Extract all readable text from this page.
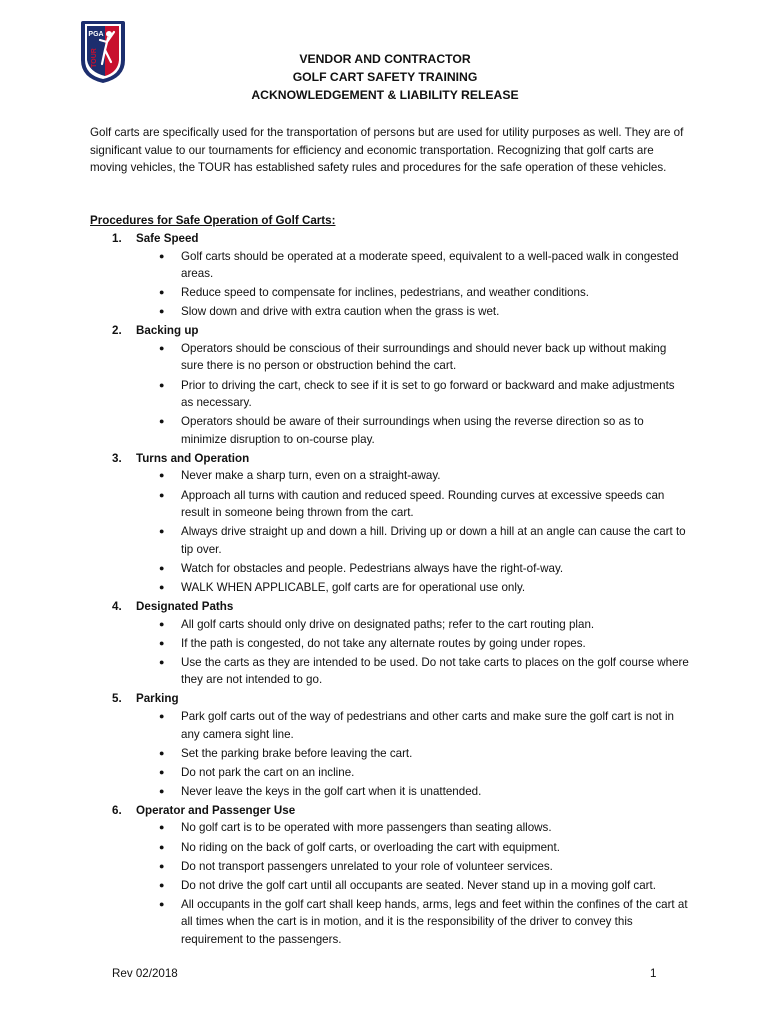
PGA
TOUR	VENDOR AND CONTRACTOR
GOLF CART SAFETY TRAINING
ACKNOWLEDGEMENT & LIABILITY RELEASE
Golf carts are specifically used for the transportation of persons but are used for utility purposes as well. They are of significant value to our tournaments for efficiency and economic transportation. Recognizing that golf carts are moving vehicles, the TOUR has established safety rules and procedures for the safe operation of these vehicles.
Procedures for Safe Operation of Golf Carts:
1. Safe Speed
● Golf carts should be operated at a moderate speed, equivalent to a well-paced walk in congested areas.
● Reduce speed to compensate for inclines, pedestrians, and weather conditions.
● Slow down and drive with extra caution when the grass is wet.
2. Backing up
● Operators should be conscious of their surroundings and should never back up without making sure there is no person or obstruction behind the cart.
● Prior to driving the cart, check to see if it is set to go forward or backward and make adjustments as necessary.
● Operators should be aware of their surroundings when using the reverse direction so as to minimize disruption to on-course play.
3. Turns and Operation
● Never make a sharp turn, even on a straight-away.
● Approach all turns with caution and reduced speed. Rounding curves at excessive speeds can result in someone being thrown from the cart.
● Always drive straight up and down a hill. Driving up or down a hill at an angle can cause the cart to tip over.
● Watch for obstacles and people. Pedestrians always have the right-of-way.
● WALK WHEN APPLICABLE, golf carts are for operational use only.
4. Designated Paths
● All golf carts should only drive on designated paths; refer to the cart routing plan.
● If the path is congested, do not take any alternate routes by going under ropes.
● Use the carts as they are intended to be used. Do not take carts to places on the golf course where they are not intended to go.
5. Parking
● Park golf carts out of the way of pedestrians and other carts and make sure the golf cart is not in any camera sight line.
● Set the parking brake before leaving the cart.
● Do not park the cart on an incline.
● Never leave the keys in the golf cart when it is unattended.
6. Operator and Passenger Use
● No golf cart is to be operated with more passengers than seating allows.
● No riding on the back of golf carts, or overloading the cart with equipment.
● Do not transport passengers unrelated to your role of volunteer services.
● Do not drive the golf cart until all occupants are seated. Never stand up in a moving golf cart.
● All occupants in the golf cart shall keep hands, arms, legs and feet within the confines of the cart at all times when the cart is in motion, and it is the responsibility of the driver to convey this requirement to the passengers.
Rev 02/2018	1
